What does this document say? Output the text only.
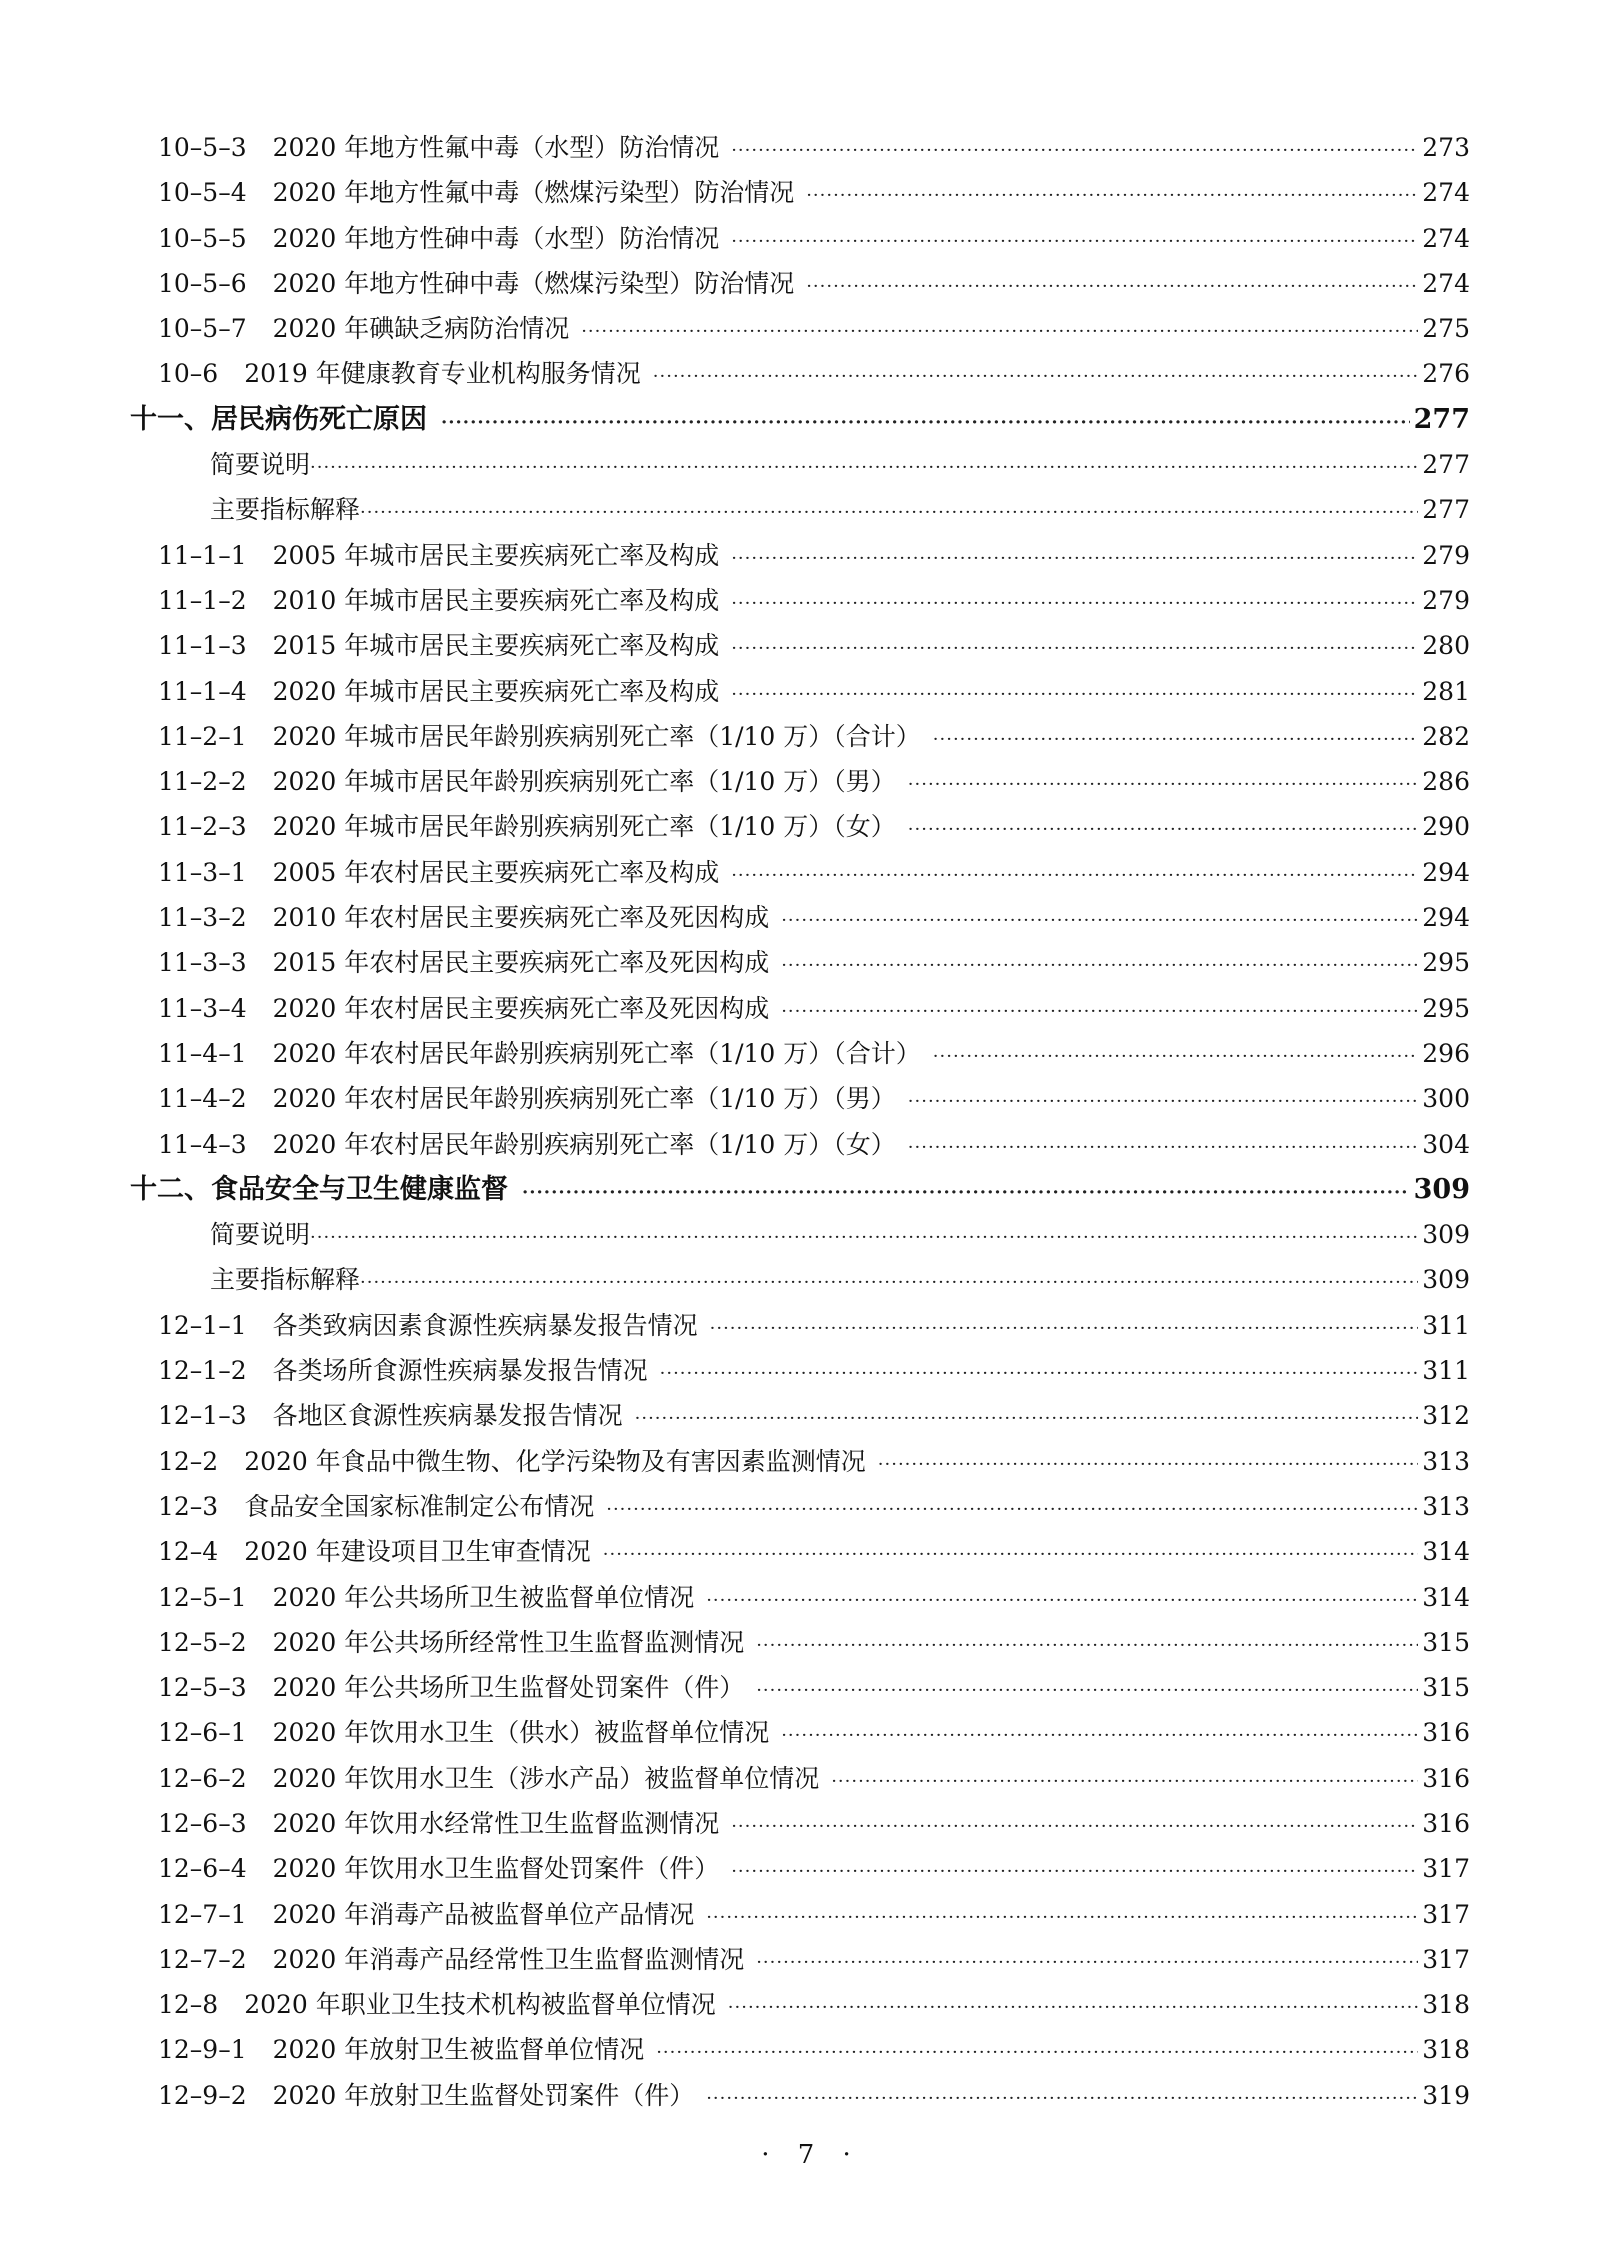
10–5–3 2020 年地方性氟中毒（水型）防治情况 ·····	273
10–5–4 2020 年地方性氟中毒（燃煤污染型）防治情况 ·····	274
10–5–5 2020 年地方性砷中毒（水型）防治情况 ·····	274
10–5–6 2020 年地方性砷中毒（燃煤污染型）防治情况 ·····	274
10–5–7 2020 年碘缺乏病防治情况 ·····	275
10–6 2019 年健康教育专业机构服务情况 ·····	276
十一、居民病伤死亡原因 ·····	277
简要说明 ·····	277
主要指标解释 ·····	277
11–1–1 2005 年城市居民主要疾病死亡率及构成 ·····	279
11–1–2 2010 年城市居民主要疾病死亡率及构成 ·····	279
11–1–3 2015 年城市居民主要疾病死亡率及构成 ·····	280
11–1–4 2020 年城市居民主要疾病死亡率及构成 ·····	281
11–2–1 2020 年城市居民年龄别疾病别死亡率（1/10 万）（合计） ·····	282
11–2–2 2020 年城市居民年龄别疾病别死亡率（1/10 万）（男） ·····	286
11–2–3 2020 年城市居民年龄别疾病别死亡率（1/10 万）（女） ·····	290
11–3–1 2005 年农村居民主要疾病死亡率及构成 ·····	294
11–3–2 2010 年农村居民主要疾病死亡率及死因构成 ·····	294
11–3–3 2015 年农村居民主要疾病死亡率及死因构成 ·····	295
11–3–4 2020 年农村居民主要疾病死亡率及死因构成 ·····	295
11–4–1 2020 年农村居民年龄别疾病别死亡率（1/10 万）（合计） ·····	296
11–4–2 2020 年农村居民年龄别疾病别死亡率（1/10 万）（男） ·····	300
11–4–3 2020 年农村居民年龄别疾病别死亡率（1/10 万）（女） ·····	304
十二、食品安全与卫生健康监督 ·····	309
简要说明 ·····	309
主要指标解释 ·····	309
12–1–1 各类致病因素食源性疾病暴发报告情况 ·····	311
12–1–2 各类场所食源性疾病暴发报告情况 ·····	311
12–1–3 各地区食源性疾病暴发报告情况 ·····	312
12–2 2020 年食品中微生物、化学污染物及有害因素监测情况 ·····	313
12–3 食品安全国家标准制定公布情况 ·····	313
12–4 2020 年建设项目卫生审查情况 ·····	314
12–5–1 2020 年公共场所卫生被监督单位情况 ·····	314
12–5–2 2020 年公共场所经常性卫生监督监测情况 ·····	315
12–5–3 2020 年公共场所卫生监督处罚案件（件） ·····	315
12–6–1 2020 年饮用水卫生（供水）被监督单位情况 ·····	316
12–6–2 2020 年饮用水卫生（涉水产品）被监督单位情况 ·····	316
12–6–3 2020 年饮用水经常性卫生监督监测情况 ·····	316
12–6–4 2020 年饮用水卫生监督处罚案件（件） ·····	317
12–7–1 2020 年消毒产品被监督单位产品情况 ·····	317
12–7–2 2020 年消毒产品经常性卫生监督监测情况 ·····	317
12–8 2020 年职业卫生技术机构被监督单位情况 ·····	318
12–9–1 2020 年放射卫生被监督单位情况 ·····	318
12–9–2 2020 年放射卫生监督处罚案件（件） ·····	319
· 7 ·
